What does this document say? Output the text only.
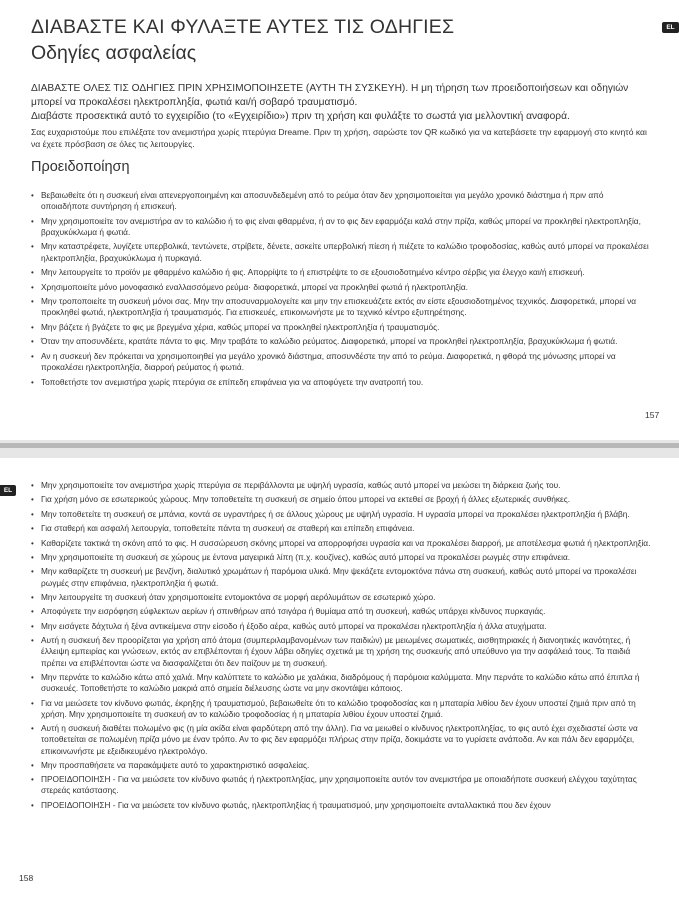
EL
ΔΙΑΒΑΣΤΕ ΚΑΙ ΦΥΛΑΞΤΕ ΑΥΤΕΣ ΤΙΣ ΟΔΗΓΙΕΣ
Οδηγίες ασφαλείας
ΔΙΑΒΑΣΤΕ ΟΛΕΣ ΤΙΣ ΟΔΗΓΙΕΣ ΠΡΙΝ ΧΡΗΣΙΜΟΠΟΙΗΣΕΤΕ (ΑΥΤΗ ΤΗ ΣΥΣΚΕΥΗ). Η μη τήρηση των προειδοποιήσεων και οδηγιών μπορεί να προκαλέσει ηλεκτροπληξία, φωτιά και/ή σοβαρό τραυματισμό.
Διαβάστε προσεκτικά αυτό το εγχειρίδιο (το «Εγχειρίδιο») πριν τη χρήση και φυλάξτε το σωστά για μελλοντική αναφορά.
Σας ευχαριστούμε που επιλέξατε τον ανεμιστήρα χωρίς πτερύγια Dreame. Πριν τη χρήση, σαρώστε τον QR κωδικό για να κατεβάσετε την εφαρμογή στο κινητό και να έχετε πρόσβαση σε όλες τις λειτουργίες.
Προειδοποίηση
• Βεβαιωθείτε ότι η συσκευή είναι απενεργοποιημένη και αποσυνδεδεμένη από το ρεύμα όταν δεν χρησιμοποιείται για μεγάλο χρονικό διάστημα ή πριν από οποιαδήποτε συντήρηση ή επισκευή.
• Μην χρησιμοποιείτε τον ανεμιστήρα αν το καλώδιο ή το φις είναι φθαρμένα, ή αν το φις δεν εφαρμόζει καλά στην πρίζα, καθώς μπορεί να προκληθεί ηλεκτροπληξία, βραχυκύκλωμα ή φωτιά.
• Μην καταστρέφετε, λυγίζετε υπερβολικά, τεντώνετε, στρίβετε, δένετε, ασκείτε υπερβολική πίεση ή πιέζετε το καλώδιο τροφοδοσίας, καθώς αυτό μπορεί να προκαλέσει ηλεκτροπληξία, βραχυκύκλωμα ή πυρκαγιά.
• Μην λειτουργείτε το προϊόν με φθαρμένο καλώδιο ή φις. Απορρίψτε το ή επιστρέψτε το σε εξουσιοδοτημένο κέντρο σέρβις για έλεγχο και/ή επισκευή.
• Χρησιμοποιείτε μόνο μονοφασικό εναλλασσόμενο ρεύμα· διαφορετικά, μπορεί να προκληθεί φωτιά ή ηλεκτροπληξία.
• Μην τροποποιείτε τη συσκευή μόνοι σας. Μην την αποσυναρμολογείτε και μην την επισκευάζετε εκτός αν είστε εξουσιοδοτημένος τεχνικός. Διαφορετικά, μπορεί να προκληθεί φωτιά, ηλεκτροπληξία ή τραυματισμός. Για επισκευές, επικοινωνήστε με το τεχνικό κέντρο εξυπηρέτησης.
• Μην βάζετε ή βγάζετε το φις με βρεγμένα χέρια, καθώς μπορεί να προκληθεί ηλεκτροπληξία ή τραυματισμός.
• Όταν την αποσυνδέετε, κρατάτε πάντα το φις. Μην τραβάτε το καλώδιο ρεύματος. Διαφορετικά, μπορεί να προκληθεί ηλεκτροπληξία, βραχυκύκλωμα ή φωτιά.
• Αν η συσκευή δεν πρόκειται να χρησιμοποιηθεί για μεγάλο χρονικό διάστημα, αποσυνδέστε την από το ρεύμα. Διαφορετικά, η φθορά της μόνωσης μπορεί να προκαλέσει ηλεκτροπληξία, διαρροή ρεύματος ή φωτιά.
• Τοποθετήστε τον ανεμιστήρα χωρίς πτερύγια σε επίπεδη επιφάνεια για να αποφύγετε την ανατροπή του.
157
EL
• Μην χρησιμοποιείτε τον ανεμιστήρα χωρίς πτερύγια σε περιβάλλοντα με υψηλή υγρασία, καθώς αυτό μπορεί να μειώσει τη διάρκεια ζωής του.
• Για χρήση μόνο σε εσωτερικούς χώρους. Μην τοποθετείτε τη συσκευή σε σημείο όπου μπορεί να εκτεθεί σε βροχή ή άλλες εξωτερικές συνθήκες.
• Μην τοποθετείτε τη συσκευή σε μπάνια, κοντά σε υγραντήρες ή σε άλλους χώρους με υψηλή υγρασία. Η υγρασία μπορεί να προκαλέσει ηλεκτροπληξία ή βλάβη.
• Για σταθερή και ασφαλή λειτουργία, τοποθετείτε πάντα τη συσκευή σε σταθερή και επίπεδη επιφάνεια.
• Καθαρίζετε τακτικά τη σκόνη από το φις. Η συσσώρευση σκόνης μπορεί να απορροφήσει υγρασία και να προκαλέσει διαρροή, με αποτέλεσμα φωτιά ή ηλεκτροπληξία.
• Μην χρησιμοποιείτε τη συσκευή σε χώρους με έντονα μαγειρικά λίπη (π.χ. κουζίνες), καθώς αυτό μπορεί να προκαλέσει ρωγμές στην επιφάνεια.
• Μην καθαρίζετε τη συσκευή με βενζίνη, διαλυτικό χρωμάτων ή παρόμοια υλικά. Μην ψεκάζετε εντομοκτόνα πάνω στη συσκευή, καθώς αυτό μπορεί να προκαλέσει ρωγμές στην επιφάνεια, ηλεκτροπληξία ή φωτιά.
• Μην λειτουργείτε τη συσκευή όταν χρησιμοποιείτε εντομοκτόνα σε μορφή αερόλυμάτων σε εσωτερικό χώρο.
• Αποφύγετε την εισρόφηση εύφλεκτων αερίων ή σπινθήρων από τσιγάρα ή θυμίαμα από τη συσκευή, καθώς υπάρχει κίνδυνος πυρκαγιάς.
• Μην εισάγετε δάχτυλα ή ξένα αντικείμενα στην είσοδο ή έξοδο αέρα, καθώς αυτό μπορεί να προκαλέσει ηλεκτροπληξία ή άλλα ατυχήματα.
• Αυτή η συσκευή δεν προορίζεται για χρήση από άτομα (συμπεριλαμβανομένων των παιδιών) με μειωμένες σωματικές, αισθητηριακές ή διανοητικές ικανότητες, ή έλλειψη εμπειρίας και γνώσεων, εκτός αν επιβλέπονται ή έχουν λάβει οδηγίες σχετικά με τη χρήση της συσκευής από υπεύθυνο για την ασφάλειά τους. Τα παιδιά πρέπει να επιβλέπονται ώστε να διασφαλίζεται ότι δεν παίζουν με τη συσκευή.
• Μην περνάτε το καλώδιο κάτω από χαλιά. Μην καλύπτετε το καλώδιο με χαλάκια, διαδρόμους ή παρόμοια καλύμματα. Μην περνάτε το καλώδιο κάτω από έπιπλα ή συσκευές. Τοποθετήστε το καλώδιο μακριά από σημεία διέλευσης ώστε να μην σκοντάψει κάποιος.
• Για να μειώσετε τον κίνδυνο φωτιάς, έκρηξης ή τραυματισμού, βεβαιωθείτε ότι το καλώδιο τροφοδοσίας και η μπαταρία λιθίου δεν έχουν υποστεί ζημιά πριν από τη χρήση. Μην χρησιμοποιείτε τη συσκευή αν το καλώδιο τροφοδοσίας ή η μπαταρία λιθίου έχουν υποστεί ζημιά.
• Αυτή η συσκευή διαθέτει πολωμένο φις (η μία ακίδα είναι φαρδύτερη από την άλλη). Για να μειωθεί ο κίνδυνος ηλεκτροπληξίας, το φις αυτό έχει σχεδιαστεί ώστε να τοποθετείται σε πολωμένη πρίζα μόνο με έναν τρόπο. Αν το φις δεν εφαρμόζει πλήρως στην πρίζα, δοκιμάστε να το γυρίσετε ανάποδα. Αν και πάλι δεν εφαρμόζει, επικοινωνήστε με εξειδικευμένο ηλεκτρολόγο.
• Μην προσπαθήσετε να παρακάμψετε αυτό το χαρακτηριστικό ασφαλείας.
• ΠΡΟΕΙΔΟΠΟΙΗΣΗ - Για να μειώσετε τον κίνδυνο φωτιάς ή ηλεκτροπληξίας, μην χρησιμοποιείτε αυτόν τον ανεμιστήρα με οποιαδήποτε συσκευή ελέγχου ταχύτητας στερεάς κατάστασης.
• ΠΡΟΕΙΔΟΠΟΙΗΣΗ - Για να μειώσετε τον κίνδυνο φωτιάς, ηλεκτροπληξίας ή τραυματισμού, μην χρησιμοποιείτε ανταλλακτικά που δεν έχουν
158
